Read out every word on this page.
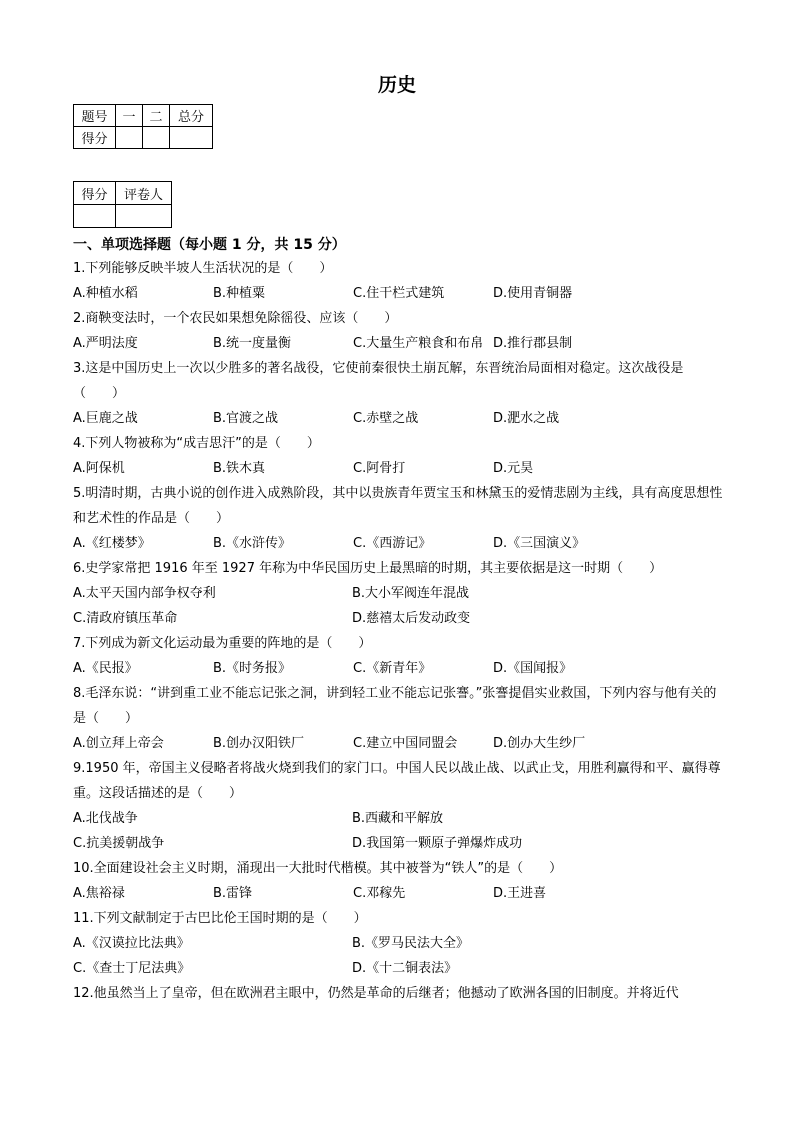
历史
题号	一	二	总分
得分			
得分	评卷人

一、单项选择题（每小题 1 分，共 15 分）
1.下列能够反映半坡人生活状况的是（　　）
A.种植水稻	B.种植粟	C.住干栏式建筑	D.使用青铜器
2.商鞅变法时，一个农民如果想免除徭役、应该（　　）
A.严明法度	B.统一度量衡	C.大量生产粮食和布帛 D.推行郡县制
3.这是中国历史上一次以少胜多的著名战役，它使前秦很快土崩瓦解，东晋统治局面相对稳定。这次战役是（　　）
A.巨鹿之战	B.官渡之战	C.赤壁之战	D.淝水之战
4.下列人物被称为“成吉思汗”的是（　　）
A.阿保机	B.铁木真	C.阿骨打	D.元昊
5.明清时期，古典小说的创作进入成熟阶段，其中以贵族青年贾宝玉和林黛玉的爱情悲剧为主线，具有高度思想性和艺术性的作品是（　　）
A.《红楼梦》	B.《水浒传》	C.《西游记》	D.《三国演义》
6.史学家常把 1916 年至 1927 年称为中华民国历史上最黑暗的时期，其主要依据是这一时期（　　）
A.太平天国内部争权夺利	B.大小军阀连年混战
C.清政府镇压革命	D.慈禧太后发动政变
7.下列成为新文化运动最为重要的阵地的是（　　）
A.《民报》	B.《时务报》	C.《新青年》	D.《国闻报》
8.毛泽东说：“讲到重工业不能忘记张之洞，讲到轻工业不能忘记张謇。”张謇提倡实业救国，下列内容与他有关的是（　　）
A.创立拜上帝会	B.创办汉阳铁厂	C.建立中国同盟会	D.创办大生纱厂
9.1950 年，帝国主义侵略者将战火烧到我们的家门口。中国人民以战止战、以武止戈，用胜利赢得和平、赢得尊重。这段话描述的是（　　）
A.北伐战争	B.西藏和平解放
C.抗美援朝战争	D.我国第一颗原子弹爆炸成功
10.全面建设社会主义时期，涌现出一大批时代楷模。其中被誉为“铁人”的是（　　）
A.焦裕禄	B.雷锋	C.邓稼先	D.王进喜
11.下列文献制定于古巴比伦王国时期的是（　　）
A.《汉谟拉比法典》	B.《罗马民法大全》
C.《查士丁尼法典》	D.《十二铜表法》
12.他虽然当上了皇帝，但在欧洲君主眼中，仍然是革命的后继者；他撼动了欧洲各国的旧制度。并将近代
